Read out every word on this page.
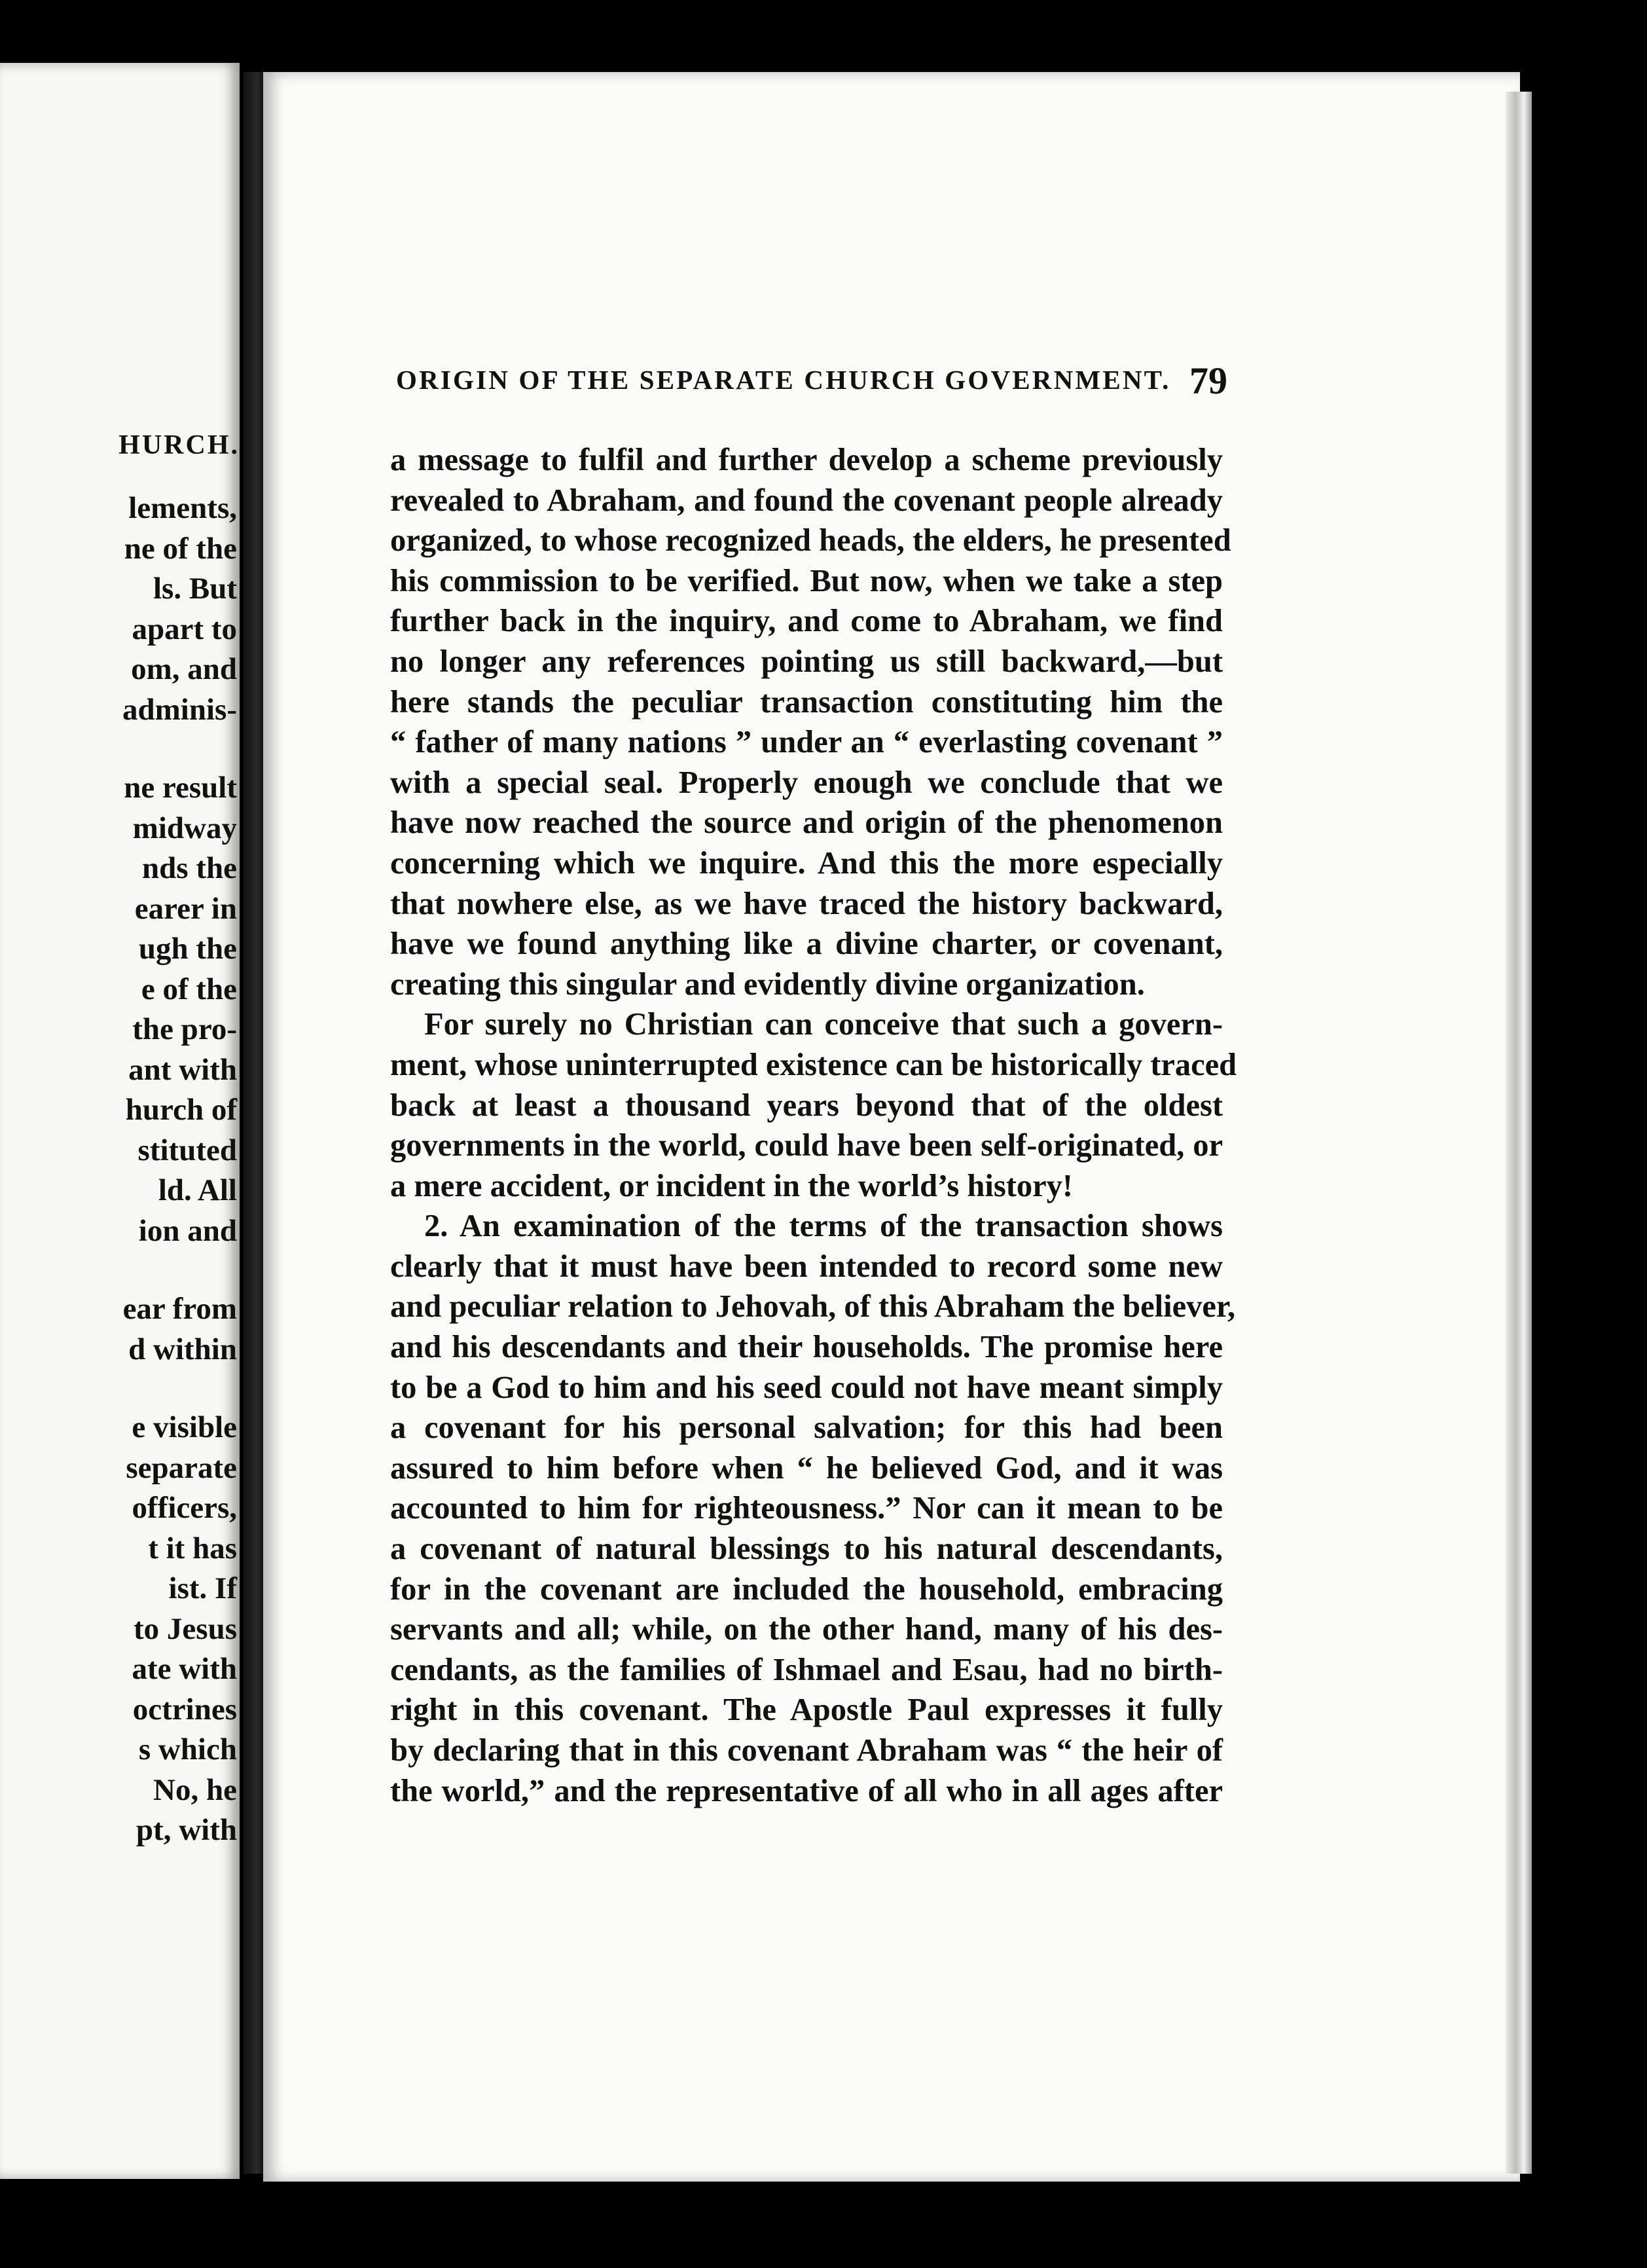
HURCH.
lements,
ne of the
ls. But
apart to
om, and
adminis-
ne result
midway
nds the
earer in
ugh the
e of the
the pro-
ant with
hurch of
stituted
ld. All
ion and
ear from
d within
e visible
separate
officers,
t it has
ist. If
to Jesus
ate with
octrines
s which
No, he
pt, with
ORIGIN OF THE SEPARATE CHURCH GOVERNMENT. 79
a message to fulfil and further develop a scheme previously
revealed to Abraham, and found the covenant people already
organized, to whose recognized heads, the elders, he presented
his commission to be verified. But now, when we take a step
further back in the inquiry, and come to Abraham, we find
no longer any references pointing us still backward,—but
here stands the peculiar transaction constituting him the
“ father of many nations ” under an “ everlasting covenant ”
with a special seal. Properly enough we conclude that we
have now reached the source and origin of the phenomenon
concerning which we inquire. And this the more especially
that nowhere else, as we have traced the history backward,
have we found anything like a divine charter, or covenant,
creating this singular and evidently divine organization.
For surely no Christian can conceive that such a govern-
ment, whose uninterrupted existence can be historically traced
back at least a thousand years beyond that of the oldest
governments in the world, could have been self-originated, or
a mere accident, or incident in the world’s history!
2. An examination of the terms of the transaction shows
clearly that it must have been intended to record some new
and peculiar relation to Jehovah, of this Abraham the believer,
and his descendants and their households. The promise here
to be a God to him and his seed could not have meant simply
a covenant for his personal salvation; for this had been
assured to him before when “ he believed God, and it was
accounted to him for righteousness.” Nor can it mean to be
a covenant of natural blessings to his natural descendants,
for in the covenant are included the household, embracing
servants and all; while, on the other hand, many of his des-
cendants, as the families of Ishmael and Esau, had no birth-
right in this covenant. The Apostle Paul expresses it fully
by declaring that in this covenant Abraham was “ the heir of
the world,” and the representative of all who in all ages after
